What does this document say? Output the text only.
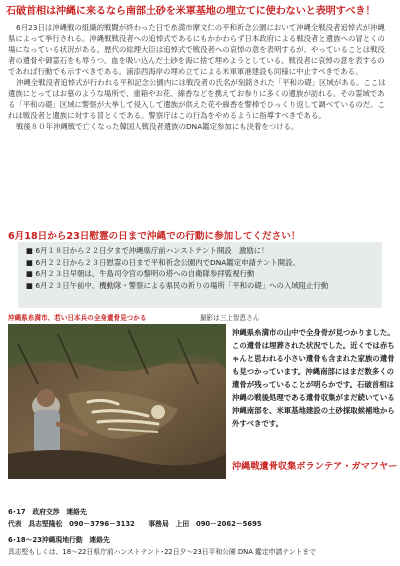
石破首相は沖縄に来るなら南部土砂を米軍基地の埋立てに使わないと表明すべき！

6月23日は沖縄戦の組織的戦闘が終わった日で糸満市摩文仁の平和祈念公園において沖縄全戦没者追悼式が沖縄県によって挙行される。沖縄戦戦没者への追悼式であるにもかかわらず日本政府による戦没者と遺族への冒とくの場になっている状況がある。歴代の総理大臣は追悼式で戦没者への哀悼の意を表明するが、やっていることは戦没者の遺骨や御霊石をも辱うつ、血を吸い込んだ土砂を海に捨て埋めようとしている。戦没者に哀悼の意を表するのであれば行動でも示すべきである。浦添西海岸の埋め立てによる米軍軍港建設も同様に中止すべきである。

沖縄全戦没者追悼式が行われる平和記念公園内には戦没者の氏名が刻銘された「平和の礎」区域がある。ここは遺族にとってはお墓のような場所で、重箱やお花、線香などを携えてお参りに多くの遺族が訪れる。その霊域である「平和の礎」区域に警察が大挙して侵入して遺族が供えた花や線香を警棒でひっくり返して調べているのだ。これは戦没者と遺族に対する冒とくである。警察庁はこの行為をやめるように指導すべきである。

戦後８０年沖縄戦で亡くなった韓国人戦没者遺族のDNA鑑定参加にも決着をつける。

6月18日から23日慰霊の日まで沖縄での行動に参加してください！
■ 6月１８日から２２日夕まで沖縄県庁前ハンストテント開設　激励に！
■ 6月２２日から２３日慰霊の日まで平和祈念公園内でDNA鑑定申請テント開設、
■ 6月２３日早朝は、牛島司令官の黎明の塔への自衛隊参拝監視行動
■ 6月２３日午前中、機動隊・警察による県民の祈りの場所「平和の礎」への入域阻止行動
沖縄県糸満市、若い日本兵の全身遺骨見つかる	撮影は三上智恵さん
沖縄県糸満市の山中で全身骨が見つかりました。この遺骨は埋葬された状況でした。近くでは赤ちゃんと思われる小さい遺骨も含まれた家族の遺骨も見つかっています。沖縄南部にはまだ数多くの遺骨が残っていることが明らかです。石破首相は沖縄の戦後処理である遺骨収集がまだ続いている沖縄南部を、米軍基地建設の土砂採取候補地から外すべきです。
沖縄戦遺骨収集ボランテア・ガマフヤー
6･17　政府交渉　連絡先
代表　具志堅隆松　090－3796－3132　　事務局　上田　090－2062－5695
6･18～23沖縄現地行動　連絡先
具志堅もしくは、18～22日県庁前ハンストテント･22日夕～23日平和公園 DNA 鑑定申請テントまで
